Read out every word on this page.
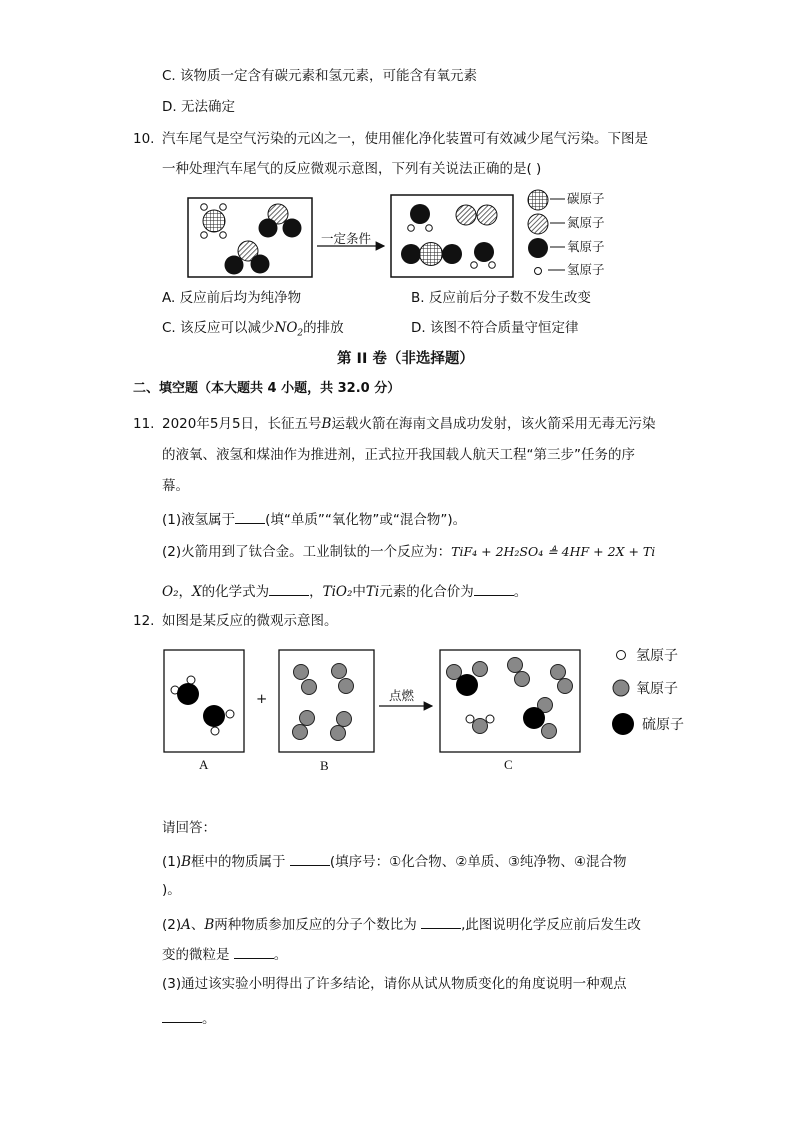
C. 该物质一定含有碳元素和氢元素，可能含有氧元素
D. 无法确定
10. 汽车尾气是空气污染的元凶之一，使用催化净化装置可有效减少尾气污染。下图是
一种处理汽车尾气的反应微观示意图，下列有关说法正确的是( )
一定条件
碳原子
氮原子
氧原子
氢原子
A. 反应前后均为纯净物	B. 反应前后分子数不发生改变
C. 该反应可以减少$NO_2$的排放	D. 该图不符合质量守恒定律
第 II 卷（非选择题）
二、填空题（本大题共 4 小题，共 32.0 分）
11. 2020年5月5日，长征五号B运载火箭在海南文昌成功发射，该火箭采用无毒无污染
的液氧、液氢和煤油作为推进剂，正式拉开我国载人航天工程“第三步”任务的序
幕。
(1)液氢属于 (填“单质”“氧化物”或“混合物”)。
(2)火箭用到了钛合金。工业制钛的一个反应为：TiF₄ + 2H₂SO₄ ≜ 4HF + 2X + Ti
O₂，X的化学式为	，TiO₂中Ti元素的化合价为	。
12. 如图是某反应的微观示意图。
+	点燃
A	B	C
氢原子
氧原子
硫原子
请回答：
(1)B框中的物质属于	(填序号：①化合物、②单质、③纯净物、④混合物
)。
(2)A、B两种物质参加反应的分子个数比为	,此图说明化学反应前后发生改
变的微粒是	。
(3)通过该实验小明得出了许多结论，请你从试从物质变化的角度说明一种观点
。
